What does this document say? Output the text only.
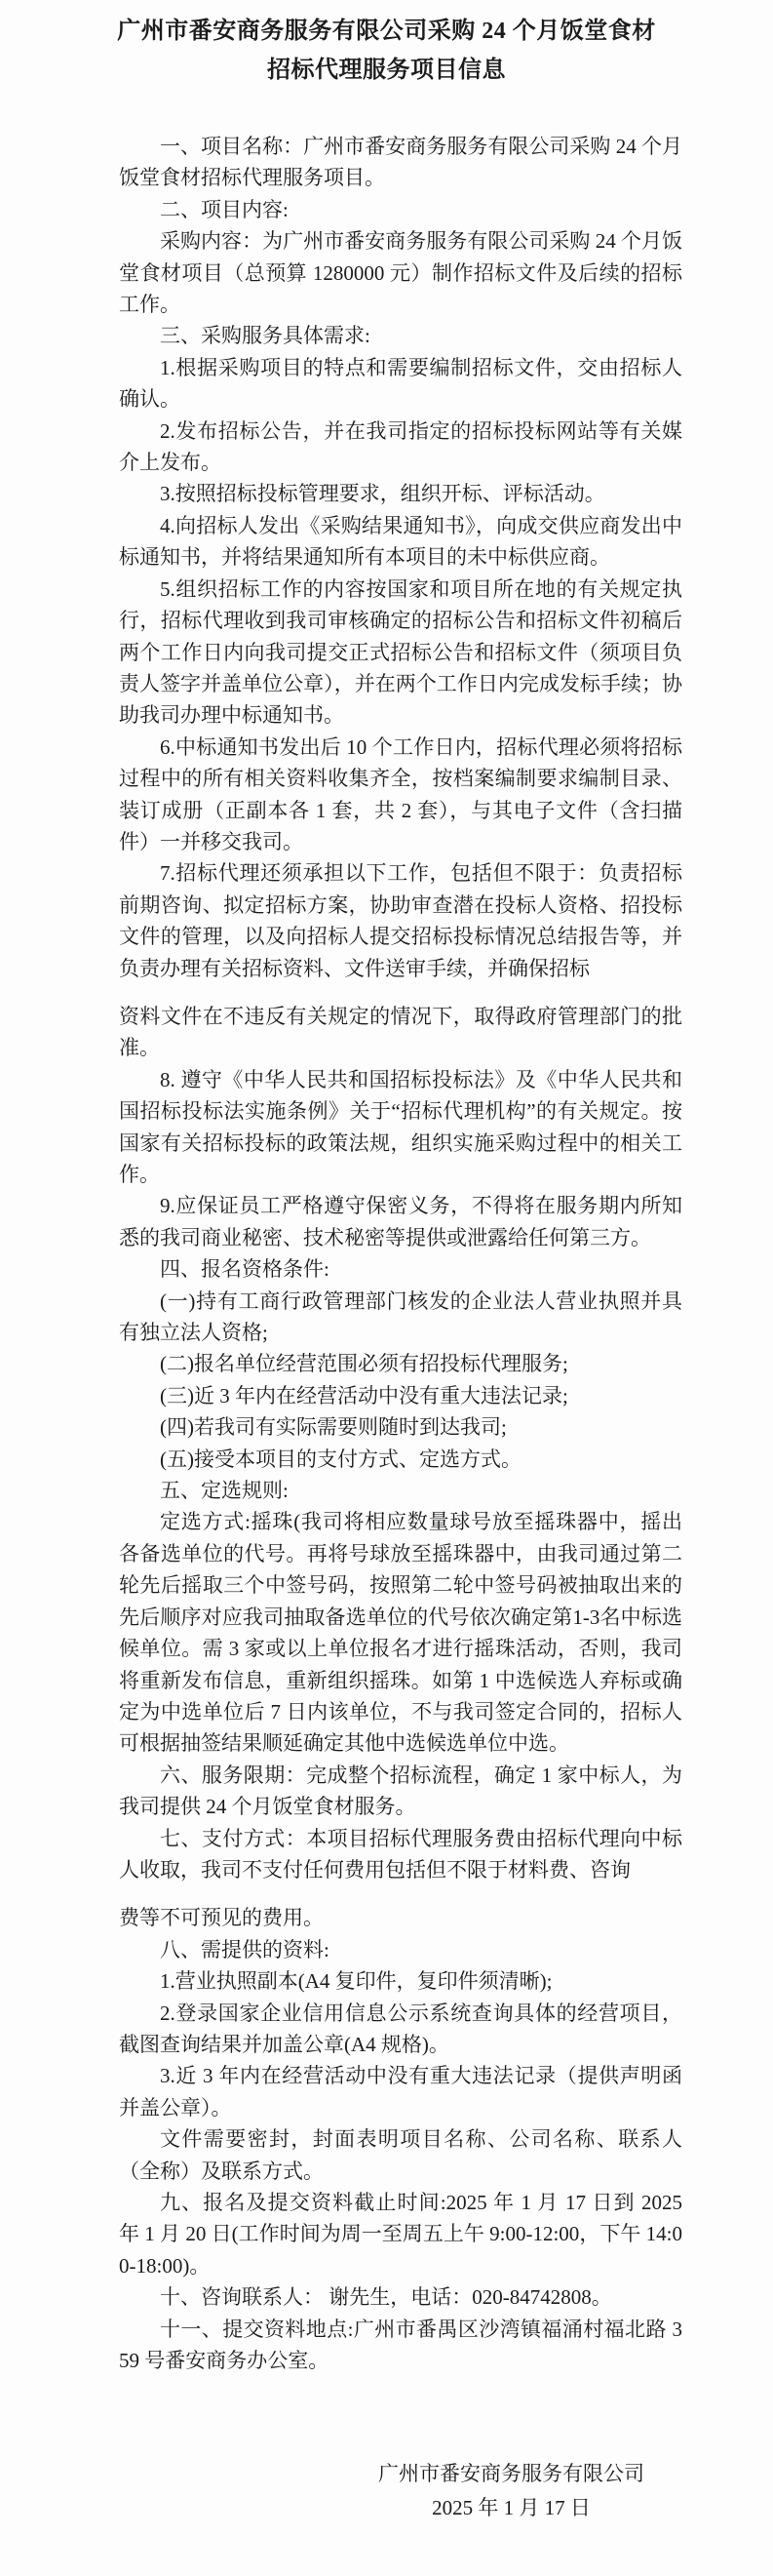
广州市番安商务服务有限公司采购 24 个月饭堂食材
招标代理服务项目信息

一、项目名称：广州市番安商务服务有限公司采购 24 个月饭堂食材招标代理服务项目。

二、项目内容:

采购内容：为广州市番安商务服务有限公司采购 24 个月饭堂食材项目（总预算 1280000 元）制作招标文件及后续的招标工作。

三、采购服务具体需求:

1.根据采购项目的特点和需要编制招标文件，交由招标人确认。

2.发布招标公告，并在我司指定的招标投标网站等有关媒介上发布。

3.按照招标投标管理要求，组织开标、评标活动。

4.向招标人发出《采购结果通知书》，向成交供应商发出中标通知书，并将结果通知所有本项目的未中标供应商。

5.组织招标工作的内容按国家和项目所在地的有关规定执行，招标代理收到我司审核确定的招标公告和招标文件初稿后两个工作日内向我司提交正式招标公告和招标文件（须项目负责人签字并盖单位公章），并在两个工作日内完成发标手续；协助我司办理中标通知书。

6.中标通知书发出后 10 个工作日内，招标代理必须将招标过程中的所有相关资料收集齐全，按档案编制要求编制目录、装订成册（正副本各 1 套，共 2 套），与其电子文件（含扫描件）一并移交我司。

7.招标代理还须承担以下工作，包括但不限于：负责招标前期咨询、拟定招标方案，协助审查潜在投标人资格、招投标文件的管理，以及向招标人提交招标投标情况总结报告等，并负责办理有关招标资料、文件送审手续，并确保招标

资料文件在不违反有关规定的情况下，取得政府管理部门的批准。

8. 遵守《中华人民共和国招标投标法》及《中华人民共和国招标投标法实施条例》关于“招标代理机构”的有关规定。按国家有关招标投标的政策法规，组织实施采购过程中的相关工作。

9.应保证员工严格遵守保密义务，不得将在服务期内所知悉的我司商业秘密、技术秘密等提供或泄露给任何第三方。

四、报名资格条件:

(一)持有工商行政管理部门核发的企业法人营业执照并具有独立法人资格;

(二)报名单位经营范围必须有招投标代理服务;

(三)近 3 年内在经营活动中没有重大违法记录;

(四)若我司有实际需要则随时到达我司;

(五)接受本项目的支付方式、定选方式。

五、定选规则:

定选方式:摇珠(我司将相应数量球号放至摇珠器中，摇出各备选单位的代号。再将号球放至摇珠器中，由我司通过第二轮先后摇取三个中签号码，按照第二轮中签号码被抽取出来的先后顺序对应我司抽取备选单位的代号依次确定第1-3名中标选候单位。需 3 家或以上单位报名才进行摇珠活动，否则，我司将重新发布信息，重新组织摇珠。如第 1 中选候选人弃标或确定为中选单位后 7 日内该单位，不与我司签定合同的，招标人可根据抽签结果顺延确定其他中选候选单位中选。

六、服务限期：完成整个招标流程，确定 1 家中标人，为我司提供 24 个月饭堂食材服务。

七、支付方式：本项目招标代理服务费由招标代理向中标人收取，我司不支付任何费用包括但不限于材料费、咨询

费等不可预见的费用。

八、需提供的资料:

1.营业执照副本(A4 复印件，复印件须清晰);

2.登录国家企业信用信息公示系统查询具体的经营项目，截图查询结果并加盖公章(A4 规格)。

3.近 3 年内在经营活动中没有重大违法记录（提供声明函并盖公章）。

文件需要密封，封面表明项目名称、公司名称、联系人（全称）及联系方式。

九、报名及提交资料截止时间:2025 年 1 月 17 日到 2025 年 1 月 20 日(工作时间为周一至周五上午 9:00-12:00，下午 14:00-18:00)。

十、咨询联系人： 谢先生，电话：020-84742808。

十一、提交资料地点:广州市番禺区沙湾镇福涌村福北路 359 号番安商务办公室。

广州市番安商务服务有限公司
2025 年 1 月 17 日
